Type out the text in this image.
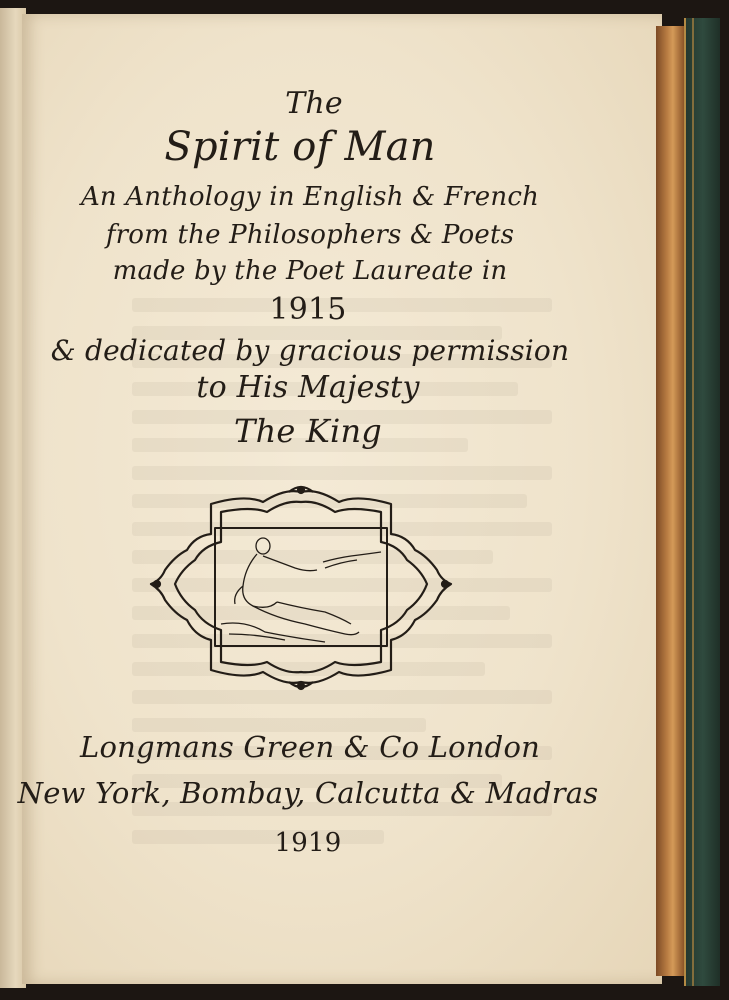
The
Spirit of Man
An Anthology in English & French
from the Philosophers & Poets
made by the Poet Laureate in
1915
& dedicated by gracious permission
to His Majesty
The King
Longmans Green & Co London
New York, Bombay, Calcutta & Madras
1919
